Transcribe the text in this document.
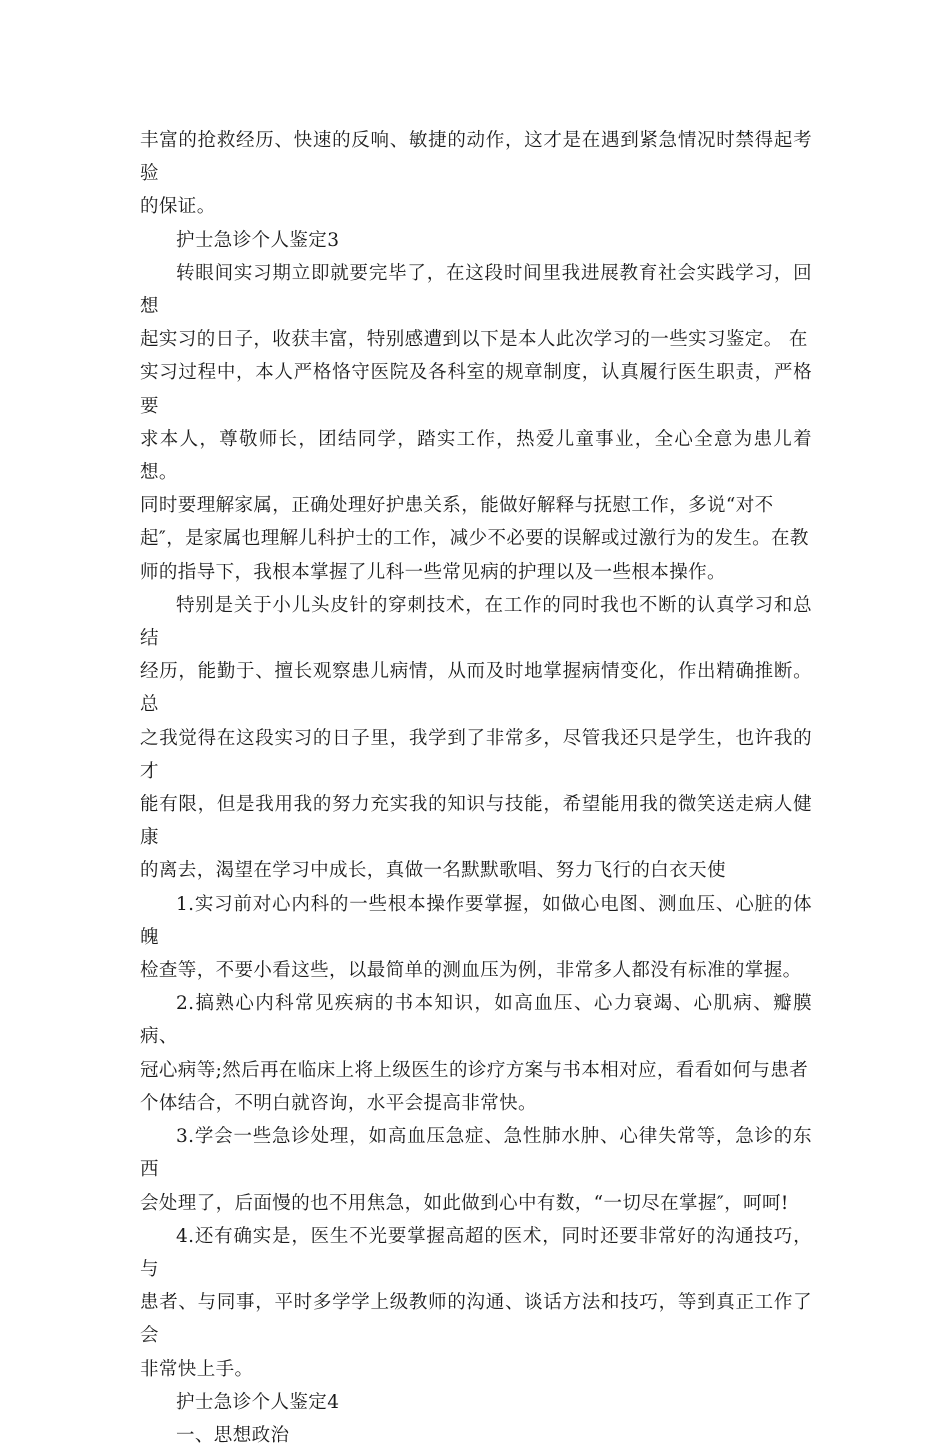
丰富的抢救经历、快速的反响、敏捷的动作，这才是在遇到紧急情况时禁得起考验
的保证。

护士急诊个人鉴定3

转眼间实习期立即就要完毕了，在这段时间里我进展教育社会实践学习，回想
起实习的日子，收获丰富，特别感遭到以下是本人此次学习的一些实习鉴定。 在
实习过程中，本人严格恪守医院及各科室的规章制度，认真履行医生职责，严格要
求本人，尊敬师长，团结同学，踏实工作，热爱儿童事业，全心全意为患儿着想。
同时要理解家属，正确处理好护患关系，能做好解释与抚慰工作，多说“对不
起″，是家属也理解儿科护士的工作，减少不必要的误解或过激行为的发生。在教
师的指导下，我根本掌握了儿科一些常见病的护理以及一些根本操作。

特别是关于小儿头皮针的穿刺技术，在工作的同时我也不断的认真学习和总结
经历，能勤于、擅长观察患儿病情，从而及时地掌握病情变化，作出精确推断。总
之我觉得在这段实习的日子里，我学到了非常多，尽管我还只是学生，也许我的才
能有限，但是我用我的努力充实我的知识与技能，希望能用我的微笑送走病人健康
的离去，渴望在学习中成长，真做一名默默歌唱、努力飞行的白衣天使

1.实习前对心内科的一些根本操作要掌握，如做心电图、测血压、心脏的体魄
检查等，不要小看这些，以最简单的测血压为例，非常多人都没有标准的掌握。

2.搞熟心内科常见疾病的书本知识，如高血压、心力衰竭、心肌病、瓣膜病、
冠心病等;然后再在临床上将上级医生的诊疗方案与书本相对应，看看如何与患者
个体结合，不明白就咨询，水平会提高非常快。

3.学会一些急诊处理，如高血压急症、急性肺水肿、心律失常等，急诊的东西
会处理了，后面慢的也不用焦急，如此做到心中有数，“一切尽在掌握″，呵呵!

4.还有确实是，医生不光要掌握高超的医术，同时还要非常好的沟通技巧，与
患者、与同事，平时多学学上级教师的沟通、谈话方法和技巧，等到真正工作了会
非常快上手。

护士急诊个人鉴定4

一、思想政治
